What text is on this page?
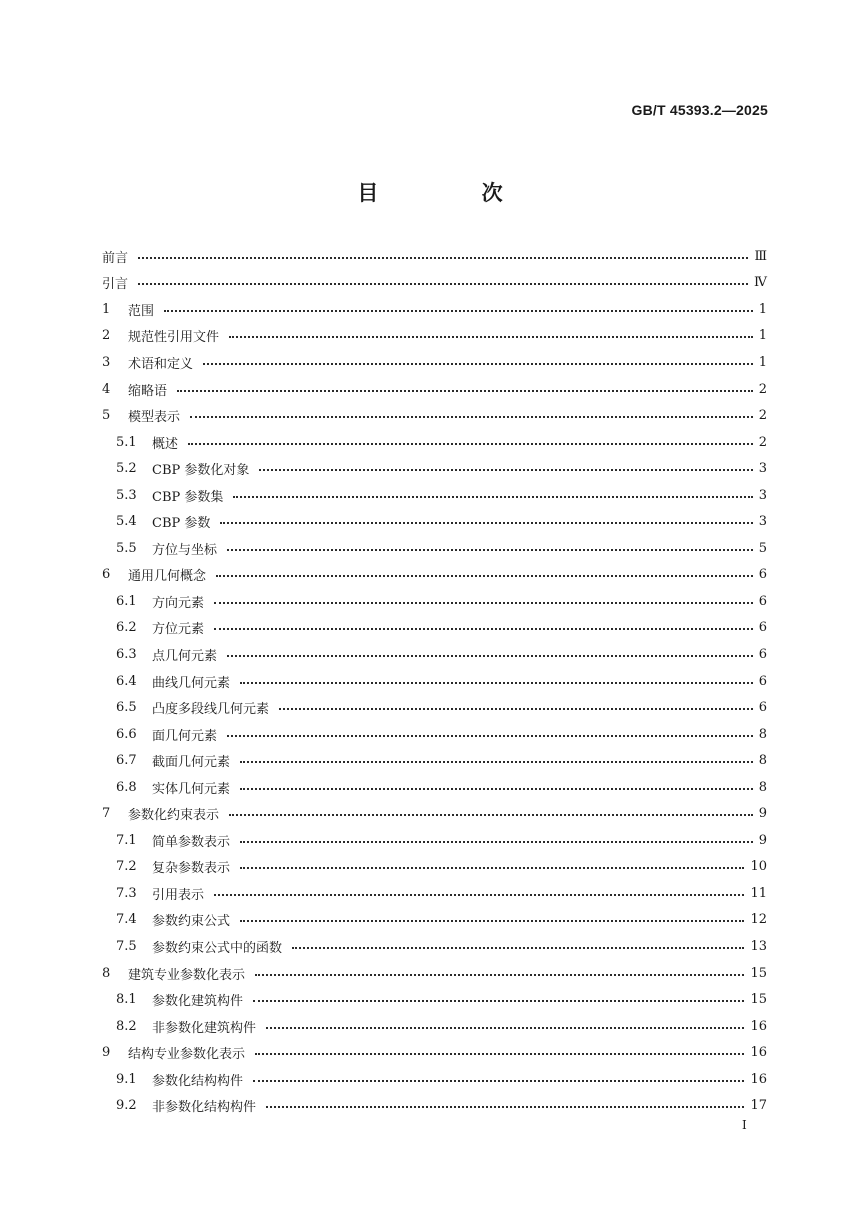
GB/T 45393.2—2025
目 次
前言	Ⅲ
引言	Ⅳ
1	范围	1
2	规范性引用文件	1
3	术语和定义	1
4	缩略语	2
5	模型表示	2
5.1	概述	2
5.2	CBP 参数化对象	3
5.3	CBP 参数集	3
5.4	CBP 参数	3
5.5	方位与坐标	5
6	通用几何概念	6
6.1	方向元素	6
6.2	方位元素	6
6.3	点几何元素	6
6.4	曲线几何元素	6
6.5	凸度多段线几何元素	6
6.6	面几何元素	8
6.7	截面几何元素	8
6.8	实体几何元素	8
7	参数化约束表示	9
7.1	简单参数表示	9
7.2	复杂参数表示	10
7.3	引用表示	11
7.4	参数约束公式	12
7.5	参数约束公式中的函数	13
8	建筑专业参数化表示	15
8.1	参数化建筑构件	15
8.2	非参数化建筑构件	16
9	结构专业参数化表示	16
9.1	参数化结构构件	16
9.2	非参数化结构构件	17
I
